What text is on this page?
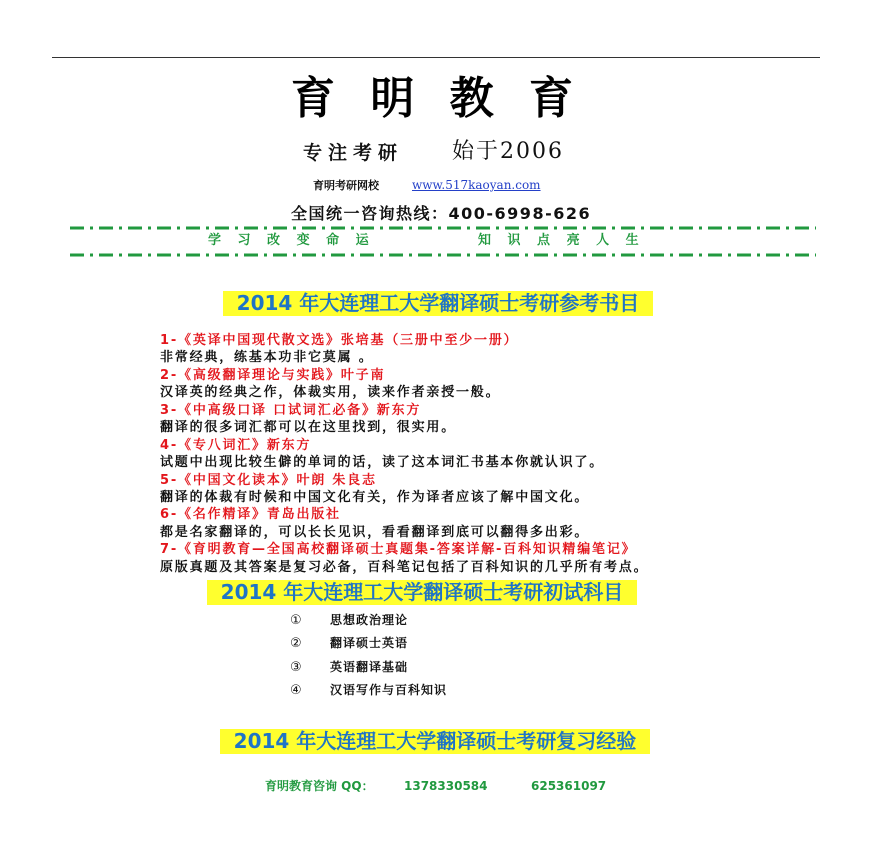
育 明 教 育
专注考研 始于2006
育明考研网校	www.517kaoyan.com
全国统一咨询热线：400-6998-626
学 习 改 变 命 运	知 识 点 亮 人 生
2014 年大连理工大学翻译硕士考研参考书目
1-《英译中国现代散文选》张培基（三册中至少一册）
非常经典，练基本功非它莫属 。
2-《高级翻译理论与实践》叶子南
汉译英的经典之作，体裁实用，读来作者亲授一般。
3-《中高级口译 口试词汇必备》新东方
翻译的很多词汇都可以在这里找到，很实用。
4-《专八词汇》新东方
试题中出现比较生僻的单词的话，读了这本词汇书基本你就认识了。
5-《中国文化读本》叶朗 朱良志
翻译的体裁有时候和中国文化有关，作为译者应该了解中国文化。
6-《名作精译》青岛出版社
都是名家翻译的，可以长长见识，看看翻译到底可以翻得多出彩。
7-《育明教育—全国高校翻译硕士真题集-答案详解-百科知识精编笔记》
原版真题及其答案是复习必备，百科笔记包括了百科知识的几乎所有考点。
2014 年大连理工大学翻译硕士考研初试科目
① 思想政治理论
② 翻译硕士英语
③ 英语翻译基础
④ 汉语写作与百科知识
2014 年大连理工大学翻译硕士考研复习经验
育明教育咨询 QQ：	1378330584	625361097
